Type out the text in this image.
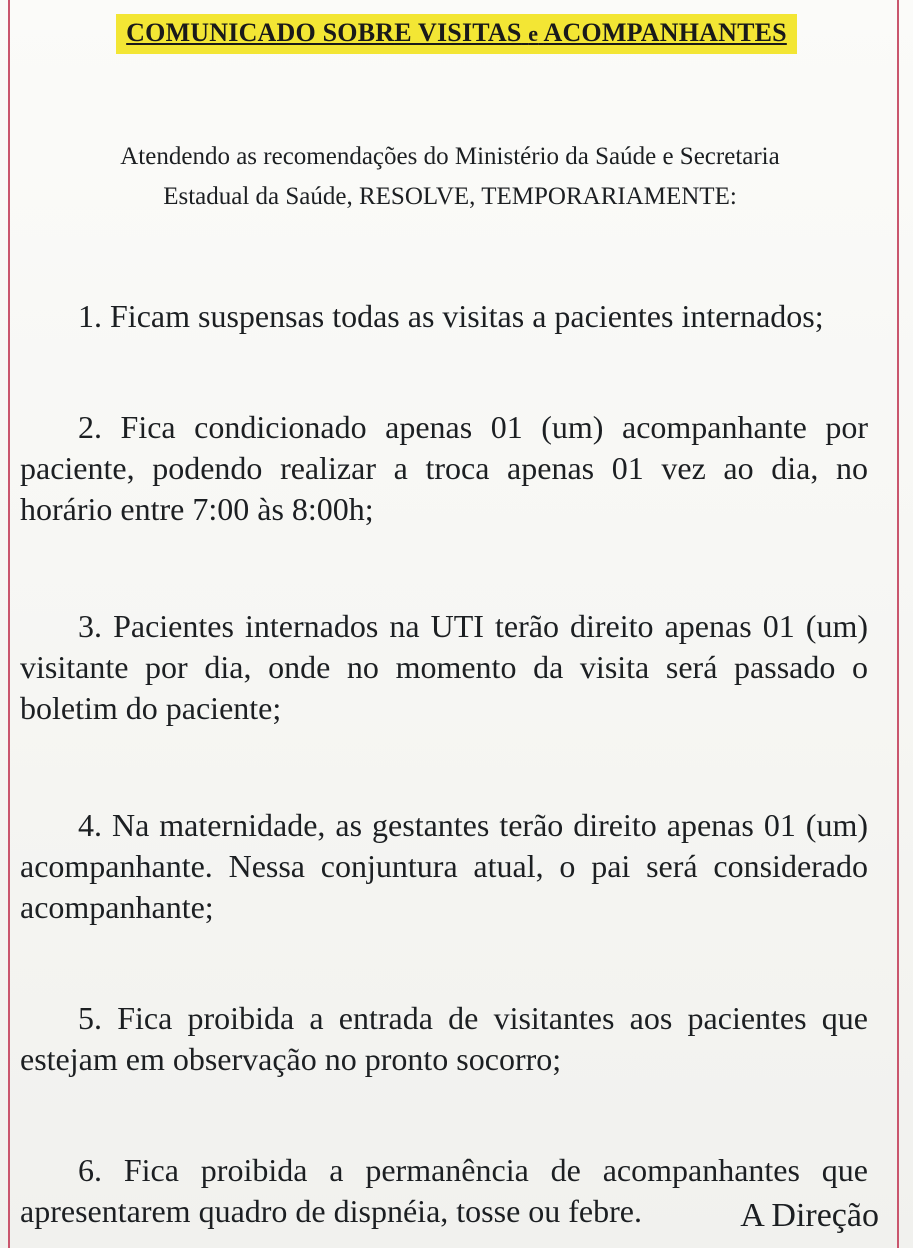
COMUNICADO SOBRE VISITAS e ACOMPANHANTES
Atendendo as recomendações do Ministério da Saúde e Secretaria
Estadual da Saúde, RESOLVE, TEMPORARIAMENTE:

1. Ficam suspensas todas as visitas a pacientes internados;

2. Fica condicionado apenas 01 (um) acompanhante por paciente, podendo realizar a troca apenas 01 vez ao dia, no horário entre 7:00 às 8:00h;

3. Pacientes internados na UTI terão direito apenas 01 (um) visitante por dia, onde no momento da visita será passado o boletim do paciente;

4. Na maternidade, as gestantes terão direito apenas 01 (um) acompanhante. Nessa conjuntura atual, o pai será considerado acompanhante;

5. Fica proibida a entrada de visitantes aos pacientes que estejam em observação no pronto socorro;

6. Fica proibida a permanência de acompanhantes que apresentarem quadro de dispnéia, tosse ou febre.	A Direção
